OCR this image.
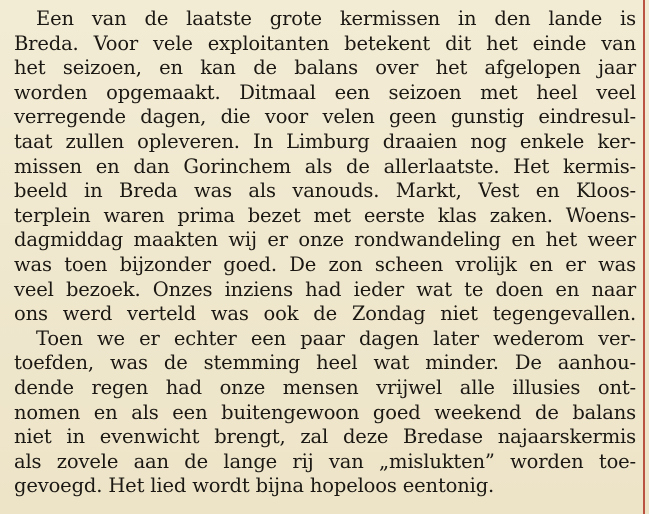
Een van de laatste grote kermissen in den lande is
Breda. Voor vele exploitanten betekent dit het einde van
het seizoen, en kan de balans over het afgelopen jaar
worden opgemaakt. Ditmaal een seizoen met heel veel
verregende dagen, die voor velen geen gunstig eindresul-
taat zullen opleveren. In Limburg draaien nog enkele ker-
missen en dan Gorinchem als de allerlaatste. Het kermis-
beeld in Breda was als vanouds. Markt, Vest en Kloos-
terplein waren prima bezet met eerste klas zaken. Woens-
dagmiddag maakten wij er onze rondwandeling en het weer
was toen bijzonder goed. De zon scheen vrolijk en er was
veel bezoek. Onzes inziens had ieder wat te doen en naar
ons werd verteld was ook de Zondag niet tegengevallen.
Toen we er echter een paar dagen later wederom ver-
toefden, was de stemming heel wat minder. De aanhou-
dende regen had onze mensen vrijwel alle illusies ont-
nomen en als een buitengewoon goed weekend de balans
niet in evenwicht brengt, zal deze Bredase najaarskermis
als zovele aan de lange rij van „mislukten” worden toe-
gevoegd. Het lied wordt bijna hopeloos eentonig.
